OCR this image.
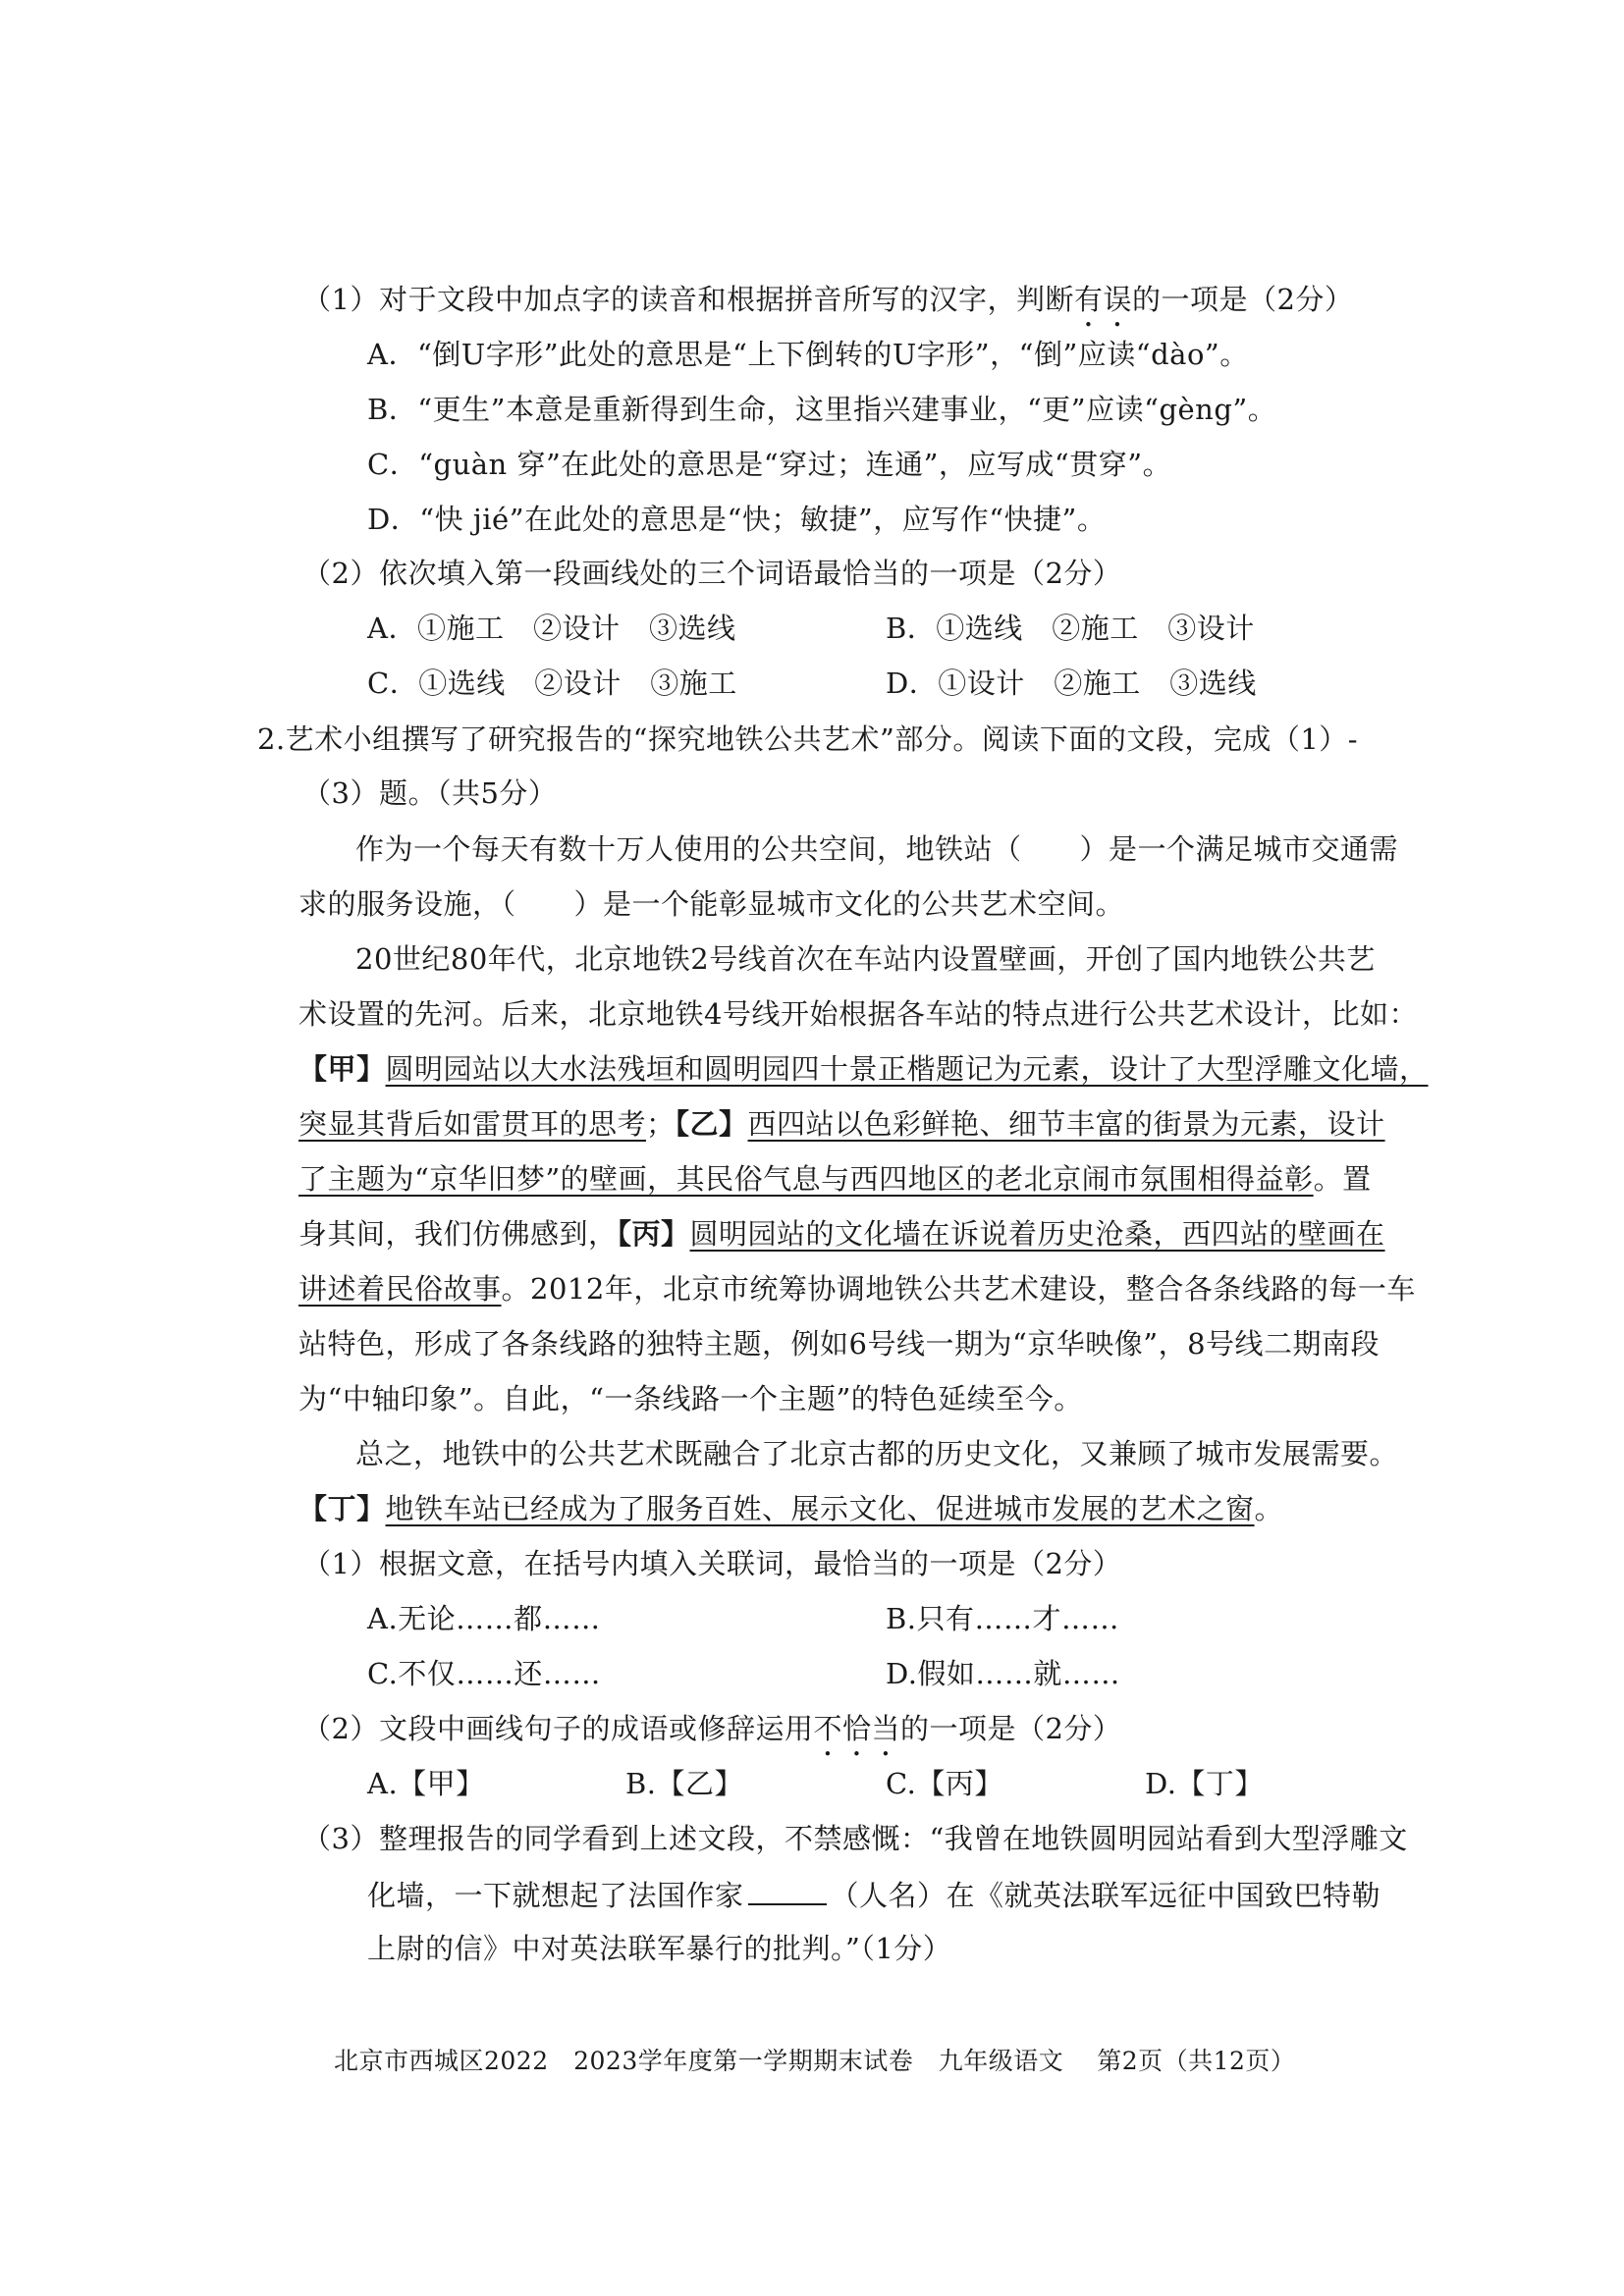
（1）对于文段中加点字的读音和根据拼音所写的汉字，判断有误的一项是（2分）
A．“倒U字形”此处的意思是“上下倒转的U字形”，“倒”应读“dào”。
B．“更生”本意是重新得到生命，这里指兴建事业，“更”应读“gèng”。
C．“guàn 穿”在此处的意思是“穿过；连通”，应写成“贯穿”。
D．“快 jié”在此处的意思是“快；敏捷”，应写作“快捷”。
（2）依次填入第一段画线处的三个词语最恰当的一项是（2分）
A．①施工　②设计　③选线	B．①选线　②施工　③设计
C．①选线　②设计　③施工	D．①设计　②施工　③选线
2.艺术小组撰写了研究报告的“探究地铁公共艺术”部分。阅读下面的文段，完成（1）-
（3）题。（共5分）
作为一个每天有数十万人使用的公共空间，地铁站（　　）是一个满足城市交通需
求的服务设施，（　　）是一个能彰显城市文化的公共艺术空间。
20世纪80年代，北京地铁2号线首次在车站内设置壁画，开创了国内地铁公共艺
术设置的先河。后来，北京地铁4号线开始根据各车站的特点进行公共艺术设计，比如：
【甲】圆明园站以大水法残垣和圆明园四十景正楷题记为元素，设计了大型浮雕文化墙，
突显其背后如雷贯耳的思考；【乙】西四站以色彩鲜艳、细节丰富的街景为元素，设计
了主题为“京华旧梦”的壁画，其民俗气息与西四地区的老北京闹市氛围相得益彰。置
身其间，我们仿佛感到，【丙】圆明园站的文化墙在诉说着历史沧桑，西四站的壁画在
讲述着民俗故事。2012年，北京市统筹协调地铁公共艺术建设，整合各条线路的每一车
站特色，形成了各条线路的独特主题，例如6号线一期为“京华映像”，8号线二期南段
为“中轴印象”。自此，“一条线路一个主题”的特色延续至今。
总之，地铁中的公共艺术既融合了北京古都的历史文化，又兼顾了城市发展需要。
【丁】地铁车站已经成为了服务百姓、展示文化、促进城市发展的艺术之窗。
（1）根据文意，在括号内填入关联词，最恰当的一项是（2分）
A.无论……都……	B.只有……才……
C.不仅……还……	D.假如……就……
（2）文段中画线句子的成语或修辞运用不恰当的一项是（2分）
A.【甲】	B.【乙】	C.【丙】	D.【丁】
（3）整理报告的同学看到上述文段，不禁感慨：“我曾在地铁圆明园站看到大型浮雕文
化墙，一下就想起了法国作家	（人名）在《就英法联军远征中国致巴特勒
上尉的信》中对英法联军暴行的批判。”（1分）
北京市西城区2022　2023学年度第一学期期末试卷　九年级语文　 第2页（共12页）
